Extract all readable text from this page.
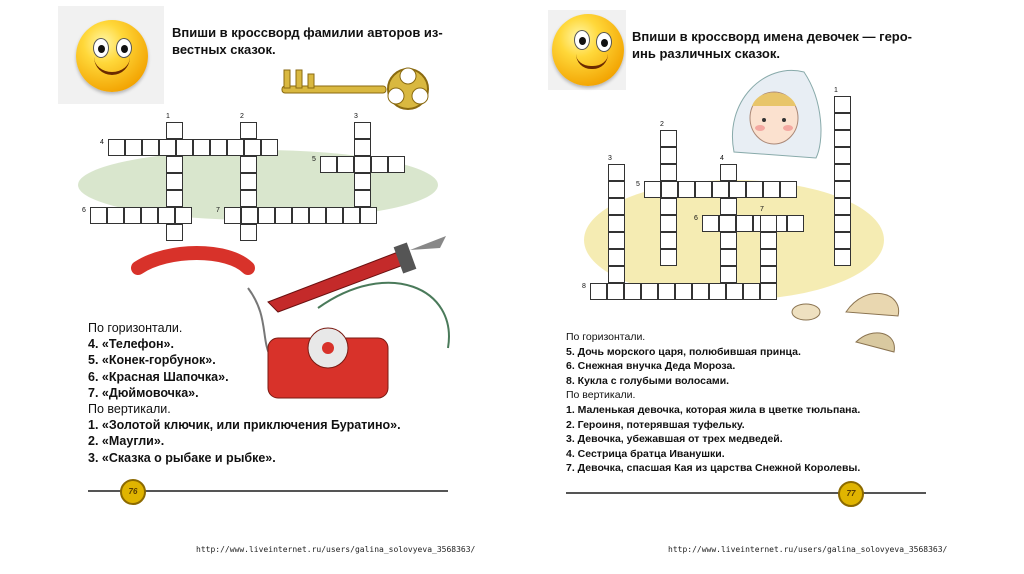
Впиши в кроссворд фамилии авторов из-
вестных сказок.

1	2	3
4
5
6	7
По горизонтали.
4. «Телефон».
5. «Конек-горбунок».
6. «Красная Шапочка».
7. «Дюймовочка».
По вертикали.
1. «Золотой ключик, или приключения Буратино».
2. «Маугли».
3. «Сказка о рыбаке и рыбке».
76
http://www.liveinternet.ru/users/galina_solovyeva_3568363/

Впиши в кроссворд имена девочек — геро-
инь различных сказок.

1
2
3	4
5
6
7
8
По горизонтали.
5. Дочь морского царя, полюбившая принца.
6. Снежная внучка Деда Мороза.
8. Кукла с голубыми волосами.
По вертикали.
1. Маленькая девочка, которая жила в цветке тюльпана.
2. Героиня, потерявшая туфельку.
3. Девочка, убежавшая от трех медведей.
4. Сестрица братца Иванушки.
7. Девочка, спасшая Кая из царства Снежной Королевы.
77
http://www.liveinternet.ru/users/galina_solovyeva_3568363/
